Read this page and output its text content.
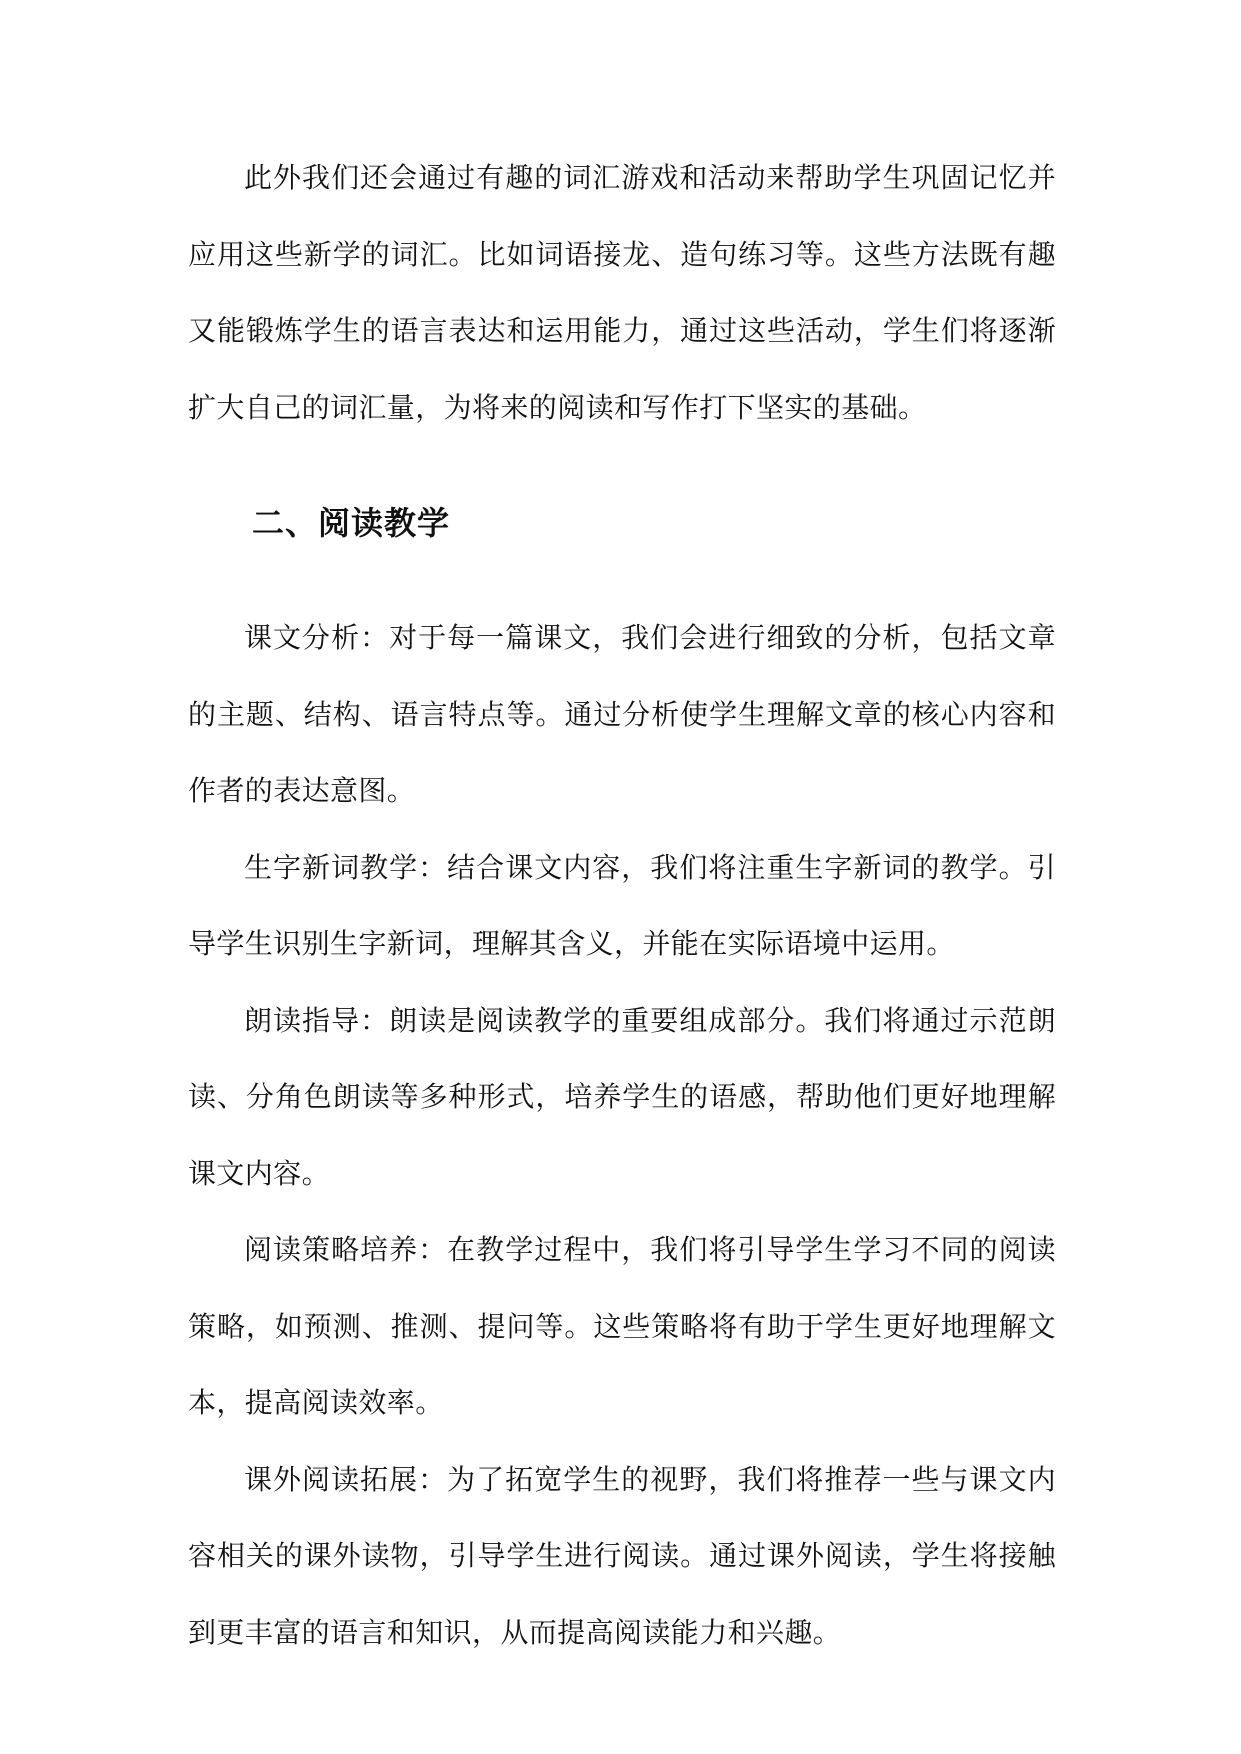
此外我们还会通过有趣的词汇游戏和活动来帮助学生巩固记忆并应用这些新学的词汇。比如词语接龙、造句练习等。这些方法既有趣又能锻炼学生的语言表达和运用能力，通过这些活动，学生们将逐渐扩大自己的词汇量，为将来的阅读和写作打下坚实的基础。

二、阅读教学

课文分析：对于每一篇课文，我们会进行细致的分析，包括文章的主题、结构、语言特点等。通过分析使学生理解文章的核心内容和作者的表达意图。

生字新词教学：结合课文内容，我们将注重生字新词的教学。引导学生识别生字新词，理解其含义，并能在实际语境中运用。

朗读指导：朗读是阅读教学的重要组成部分。我们将通过示范朗读、分角色朗读等多种形式，培养学生的语感，帮助他们更好地理解课文内容。

阅读策略培养：在教学过程中，我们将引导学生学习不同的阅读策略，如预测、推测、提问等。这些策略将有助于学生更好地理解文本，提高阅读效率。

课外阅读拓展：为了拓宽学生的视野，我们将推荐一些与课文内容相关的课外读物，引导学生进行阅读。通过课外阅读，学生将接触到更丰富的语言和知识，从而提高阅读能力和兴趣。
